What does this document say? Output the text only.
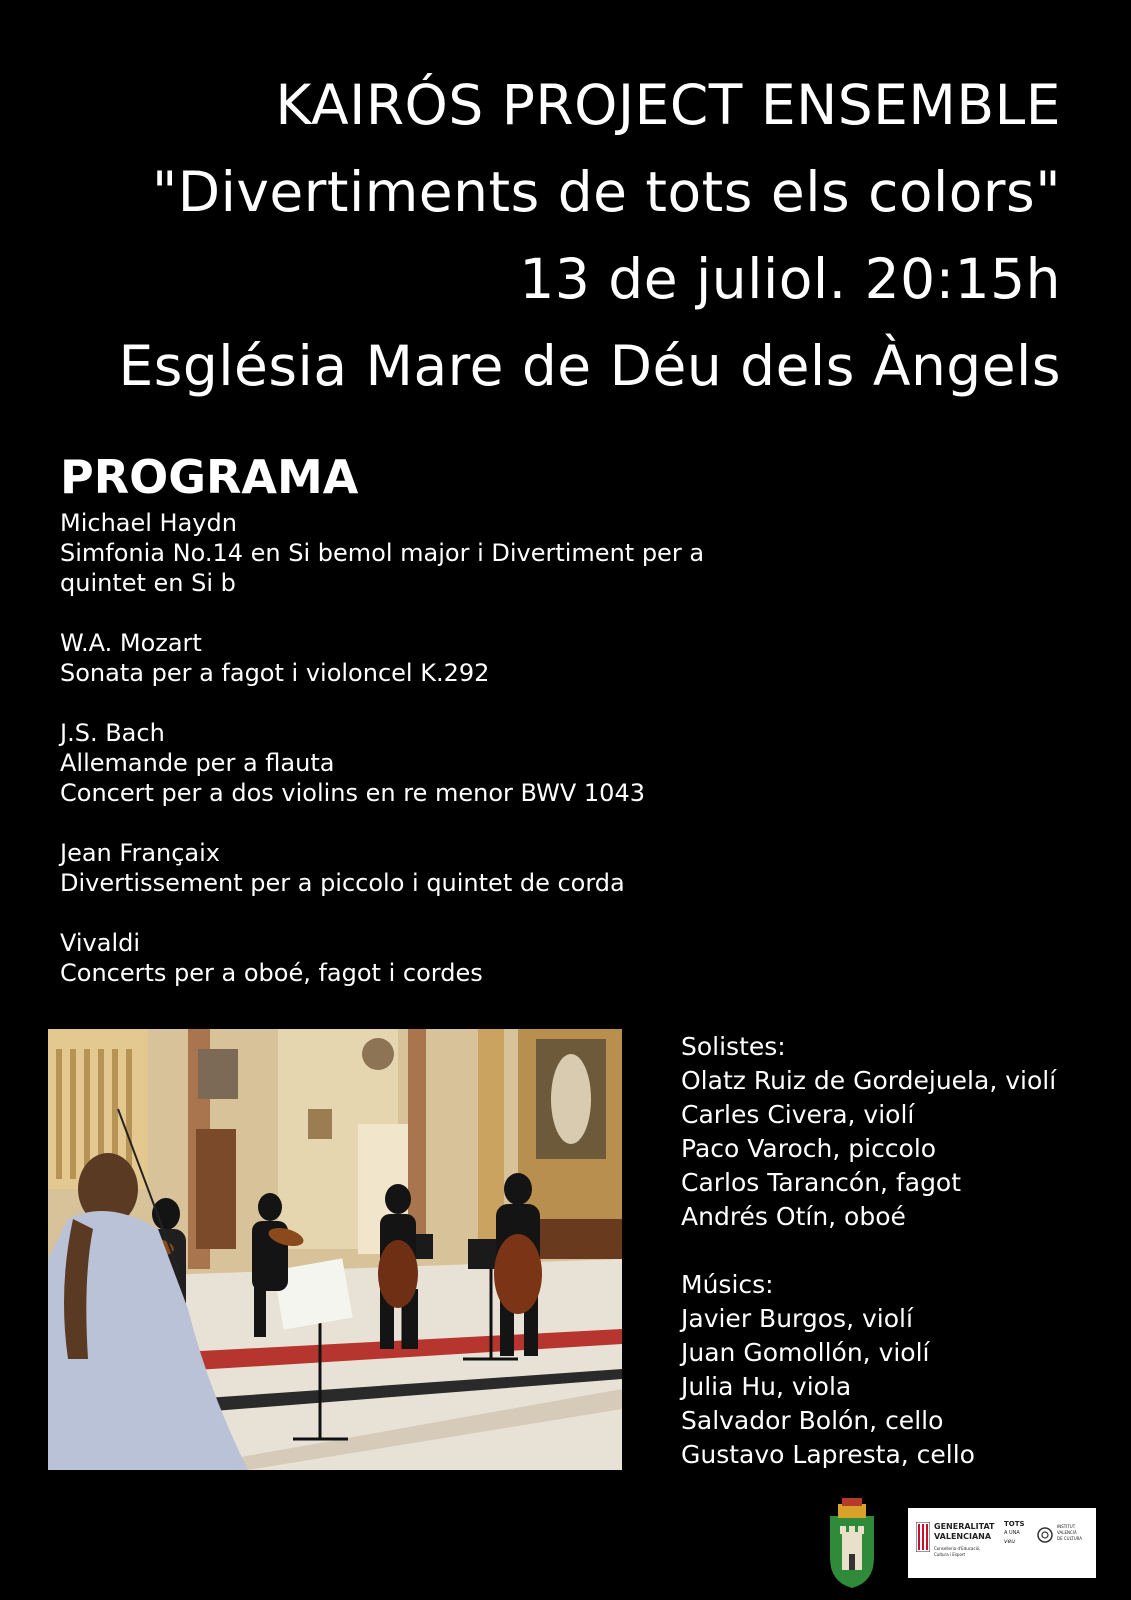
KAIRÓS PROJECT ENSEMBLE
"Divertiments de tots els colors"
13 de juliol. 20:15h
Església Mare de Déu dels Àngels
PROGRAMA
Michael Haydn
Simfonia No.14 en Si bemol major i Divertiment per a quintet en Si b
W.A. Mozart
Sonata per a fagot i violoncel K.292
J.S. Bach
Allemande per a flauta
Concert per a dos violins en re menor BWV 1043
Jean Françaix
Divertissement per a piccolo i quintet de corda
Vivaldi
Concerts per a oboé, fagot i cordes
Solistes:
Olatz Ruiz de Gordejuela, violí
Carles Civera, violí
Paco Varoch, piccolo
Carlos Tarancón, fagot
Andrés Otín, oboé
Músics:
Javier Burgos, violí
Juan Gomollón, violí
Julia Hu, viola
Salvador Bolón, cello
Gustavo Lapresta, cello
GENERALITAT
VALENCIANA
Conselleria d'Educació, Cultura i Esport
TOTS
A UNA
veu
INSTITUT
VALENCIÀ
DE CULTURA
